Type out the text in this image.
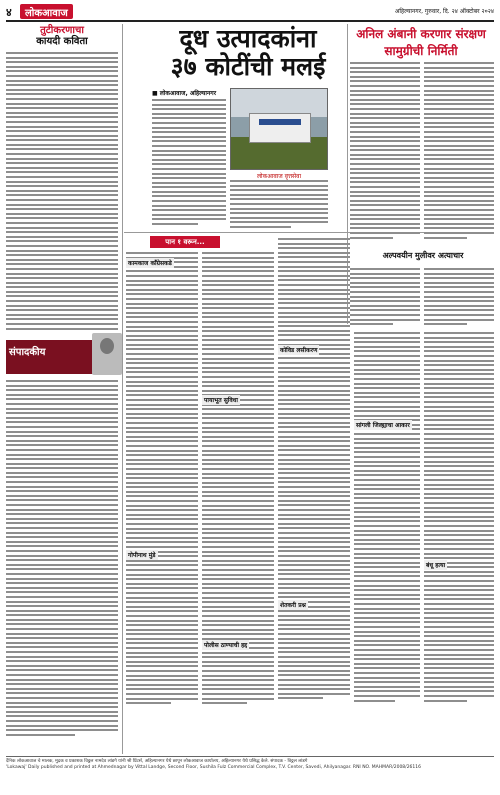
४	लोकआवाज	अहिल्यानगर, गुरुवार, दि. २४ ऑक्टोबर २०२४
तुटीकरणाचा
कायदी कविता
संपादकीय
दूध उत्पादकांना
३७ कोटींची मलई
■ लोकआवाज, अहिल्यानगर
लोकआवाज वृत्तसेवा
अनिल अंबानी करणार संरक्षण
सामुग्रीची निर्मिती
अल्पवयीन मुलीवर अत्याचार
पान १ वरून...
कामकाज काँग्रेसकडे
गोपीनाथ मुंडे
पायाभूत सुविधा
पोलीस ठाण्याची हद्द
कोविड लसीकरण
शेतकरी प्रश्न
सांगली जिल्ह्याचा आकार
बंधू हत्या
दैनिक लोकआवाज चे मालक, मुद्रक व प्रकाशक विठ्ठल नामदेव लांडगे यांनी श्री प्रिंटर्स, अहिल्यानगर येथे छापून लोकआवाज कार्यालय, अहिल्यानगर येथे प्रसिद्ध केले. संपादक - विठ्ठल लांडगे
'Lokawaj' Daily published and printed at Ahmednagar by Vittal Landge, Second Floor, Sushila Fulz Commercial Complex, T.V. Center, Savedi, Ahilyanagar. RNI NO. MAHMAR/2008/26116
